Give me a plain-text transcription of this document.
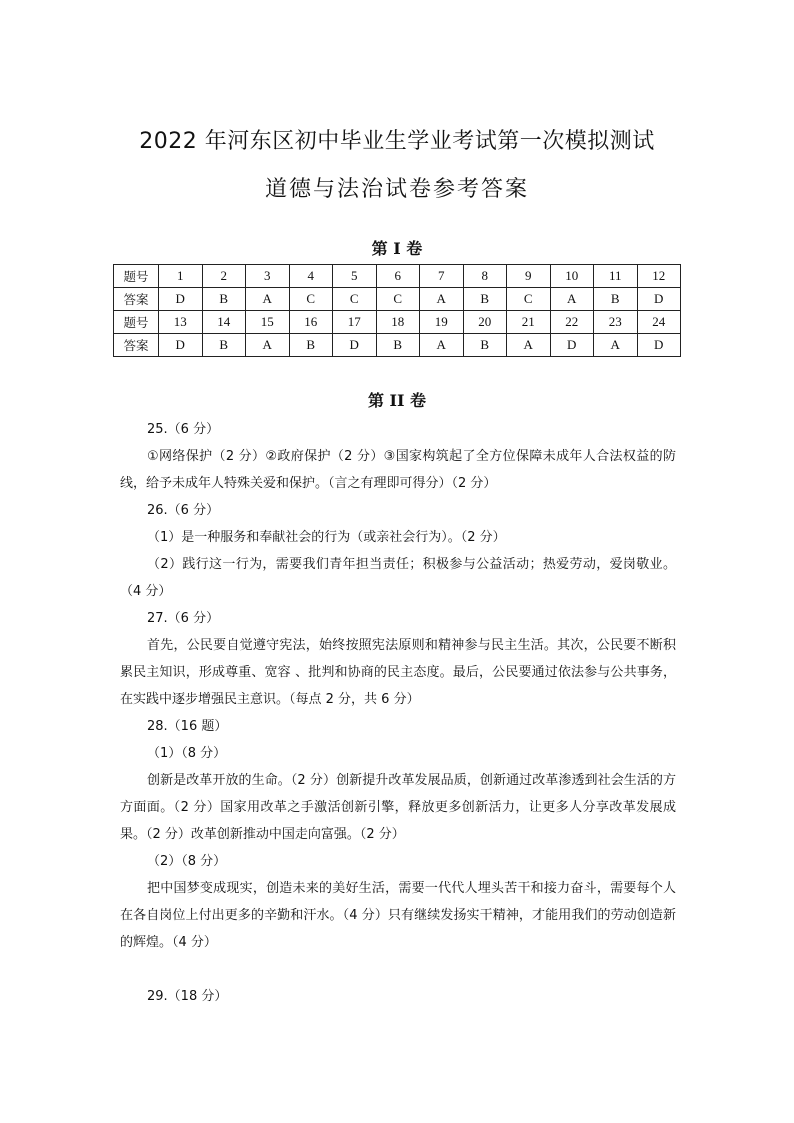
2022 年河东区初中毕业生学业考试第一次模拟测试
道德与法治试卷参考答案
第 I 卷
题号	1	2	3	4	5	6	7	8	9	10	11	12
答案	D	B	A	C	C	C	A	B	C	A	B	D
题号	13	14	15	16	17	18	19	20	21	22	23	24
答案	D	B	A	B	D	B	A	B	A	D	A	D
第 II 卷

25.（6 分）

①网络保护（2 分）②政府保护（2 分）③国家构筑起了全方位保障未成年人合法权益的防线，给予未成年人特殊关爱和保护。（言之有理即可得分）（2 分）

26.（6 分）

（1）是一种服务和奉献社会的行为（或亲社会行为）。（2 分）

（2）践行这一行为，需要我们青年担当责任；积极参与公益活动；热爱劳动，爱岗敬业。（4 分）

27.（6 分）

首先，公民要自觉遵守宪法，始终按照宪法原则和精神参与民主生活。其次，公民要不断积累民主知识，形成尊重、宽容 、批判和协商的民主态度。最后，公民要通过依法参与公共事务，在实践中逐步增强民主意识。（每点 2 分，共 6 分）

28.（16 题）

（1）（8 分）

创新是改革开放的生命。（2 分）创新提升改革发展品质，创新通过改革渗透到社会生活的方方面面。（2 分）国家用改革之手激活创新引擎，释放更多创新活力，让更多人分享改革发展成果。（2 分）改革创新推动中国走向富强。（2 分）

（2）（8 分）

把中国梦变成现实，创造未来的美好生活，需要一代代人埋头苦干和接力奋斗，需要每个人在各自岗位上付出更多的辛勤和汗水。（4 分）只有继续发扬实干精神，才能用我们的劳动创造新的辉煌。（4 分）

29.（18 分）
